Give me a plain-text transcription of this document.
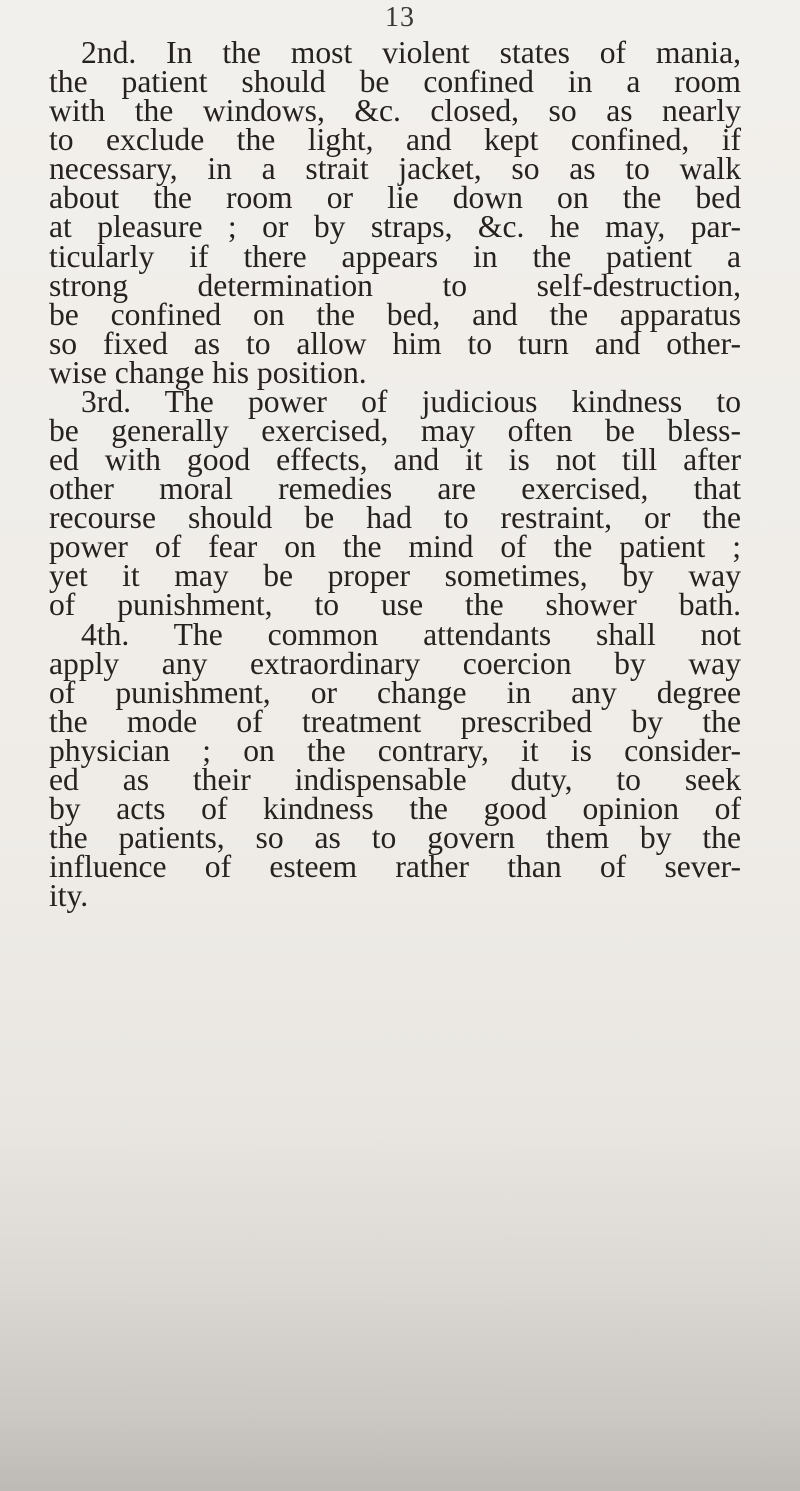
13
2nd. In the most violent states of mania,
the patient should be confined in a room
with the windows, &c. closed, so as nearly
to exclude the light, and kept confined, if
necessary, in a strait jacket, so as to walk
about the room or lie down on the bed
at pleasure ; or by straps, &c. he may, par-
ticularly if there appears in the patient a
strong determination to self-destruction,
be confined on the bed, and the apparatus
so fixed as to allow him to turn and other-
wise change his position.
3rd. The power of judicious kindness to
be generally exercised, may often be bless-
ed with good effects, and it is not till after
other moral remedies are exercised, that
recourse should be had to restraint, or the
power of fear on the mind of the patient ;
yet it may be proper sometimes, by way
of punishment, to use the shower bath.
4th. The common attendants shall not
apply any extraordinary coercion by way
of punishment, or change in any degree
the mode of treatment prescribed by the
physician ; on the contrary, it is consider-
ed as their indispensable duty, to seek
by acts of kindness the good opinion of
the patients, so as to govern them by the
influence of esteem rather than of sever-
ity.
